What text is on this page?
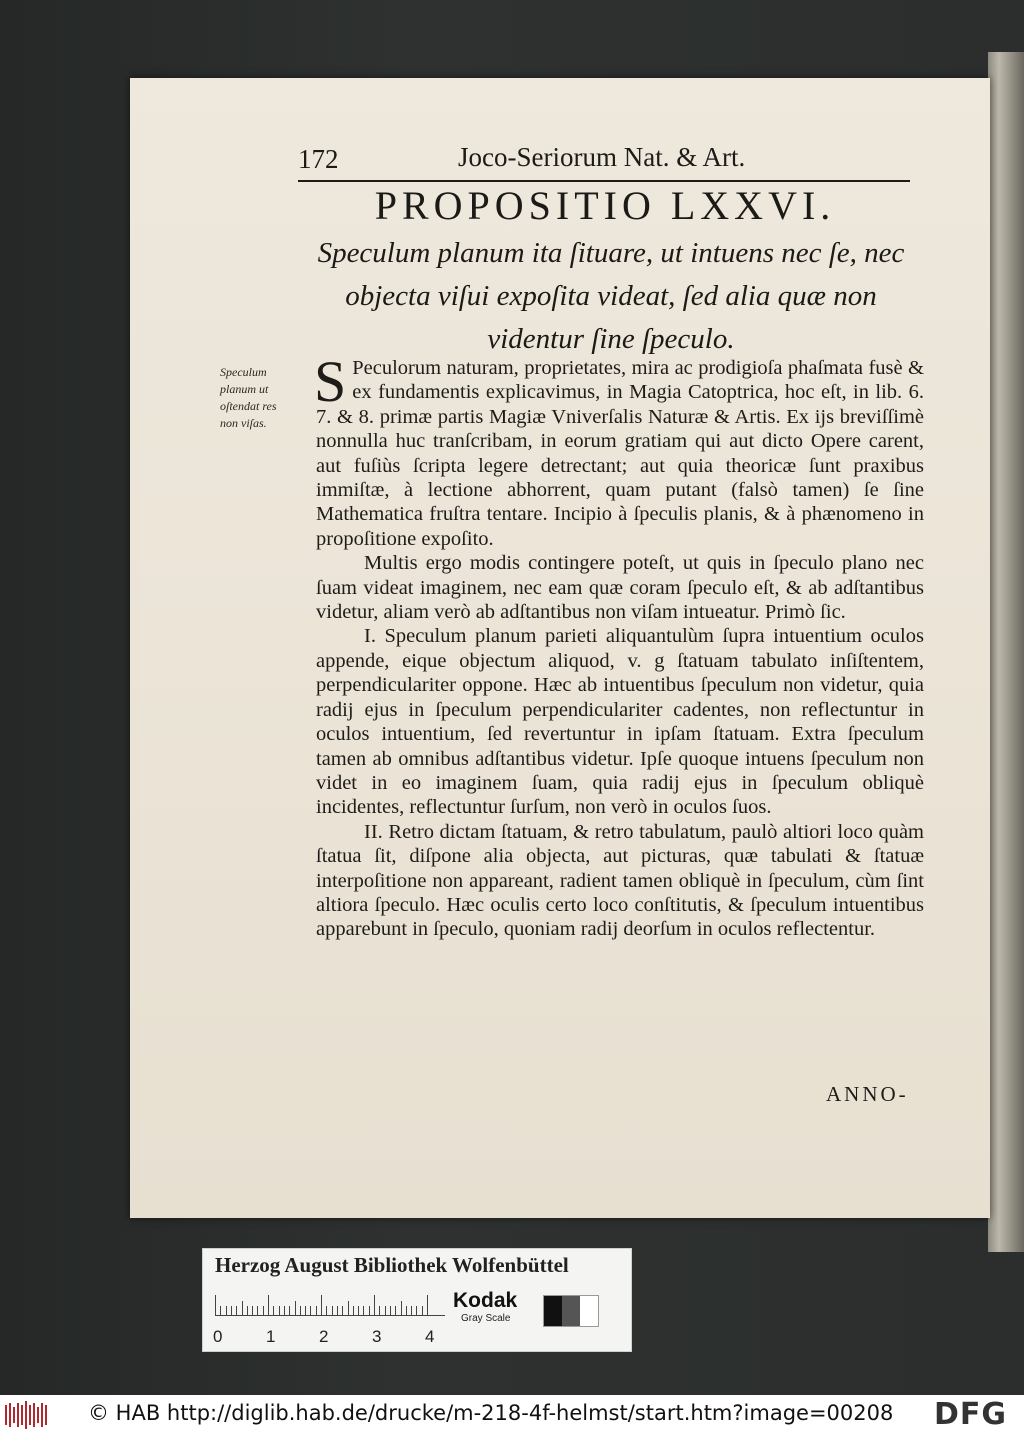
172	Joco-Seriorum Nat. & Art.
PROPOSITIO LXXVI.
Speculum planum ita ſituare, ut intuens nec ſe, nec objecta viſui expoſita videat, ſed alia quæ non videntur ſine ſpeculo.
Speculum planum ut oſtendat res non viſas.

S Peculorum naturam, proprietates, mira ac prodigioſa phaſmata fusè & ex fundamentis explicavimus, in Magia Catoptrica, hoc eſt, in lib. 6. 7. & 8. primæ partis Magiæ Vniverſalis Naturæ & Artis. Ex ijs breviſſimè nonnulla huc tranſcribam, in eorum gratiam qui aut dicto Opere carent, aut fuſiùs ſcripta legere detrectant; aut quia theoricæ ſunt praxibus immiſtæ, à lectione abhorrent, quam putant (falsò tamen) ſe ſine Mathematica fruſtra tentare. Incipio à ſpeculis planis, & à phænomeno in propoſitione expoſito.

Multis ergo modis contingere poteſt, ut quis in ſpeculo plano nec ſuam videat imaginem, nec eam quæ coram ſpeculo eſt, & ab adſtantibus videtur, aliam verò ab adſtantibus non viſam intueatur. Primò ſic.

I. Speculum planum parieti aliquantulùm ſupra intuentium oculos appende, eique objectum aliquod, v. g ſtatuam tabulato inſiſtentem, perpendiculariter oppone. Hæc ab intuentibus ſpeculum non videtur, quia radij ejus in ſpeculum perpendiculariter cadentes, non reflectuntur in oculos intuentium, ſed revertuntur in ipſam ſtatuam. Extra ſpeculum tamen ab omnibus adſtantibus videtur. Ipſe quoque intuens ſpeculum non videt in eo imaginem ſuam, quia radij ejus in ſpeculum obliquè incidentes, reflectuntur ſurſum, non verò in oculos ſuos.

II. Retro dictam ſtatuam, & retro tabulatum, paulò altiori loco quàm ſtatua ſit, diſpone alia objecta, aut picturas, quæ tabulati & ſtatuæ interpoſitione non appareant, radient tamen obliquè in ſpeculum, cùm ſint altiora ſpeculo. Hæc oculis certo loco conſtitutis, & ſpeculum intuentibus apparebunt in ſpeculo, quoniam radij deorſum in oculos reflectentur.

ANNO-
Herzog August Bibliothek Wolfenbüttel
0	1	2	3	4
Kodak
Gray Scale
© HAB http://diglib.hab.de/drucke/m-218-4f-helmst/start.htm?image=00208 DFG
